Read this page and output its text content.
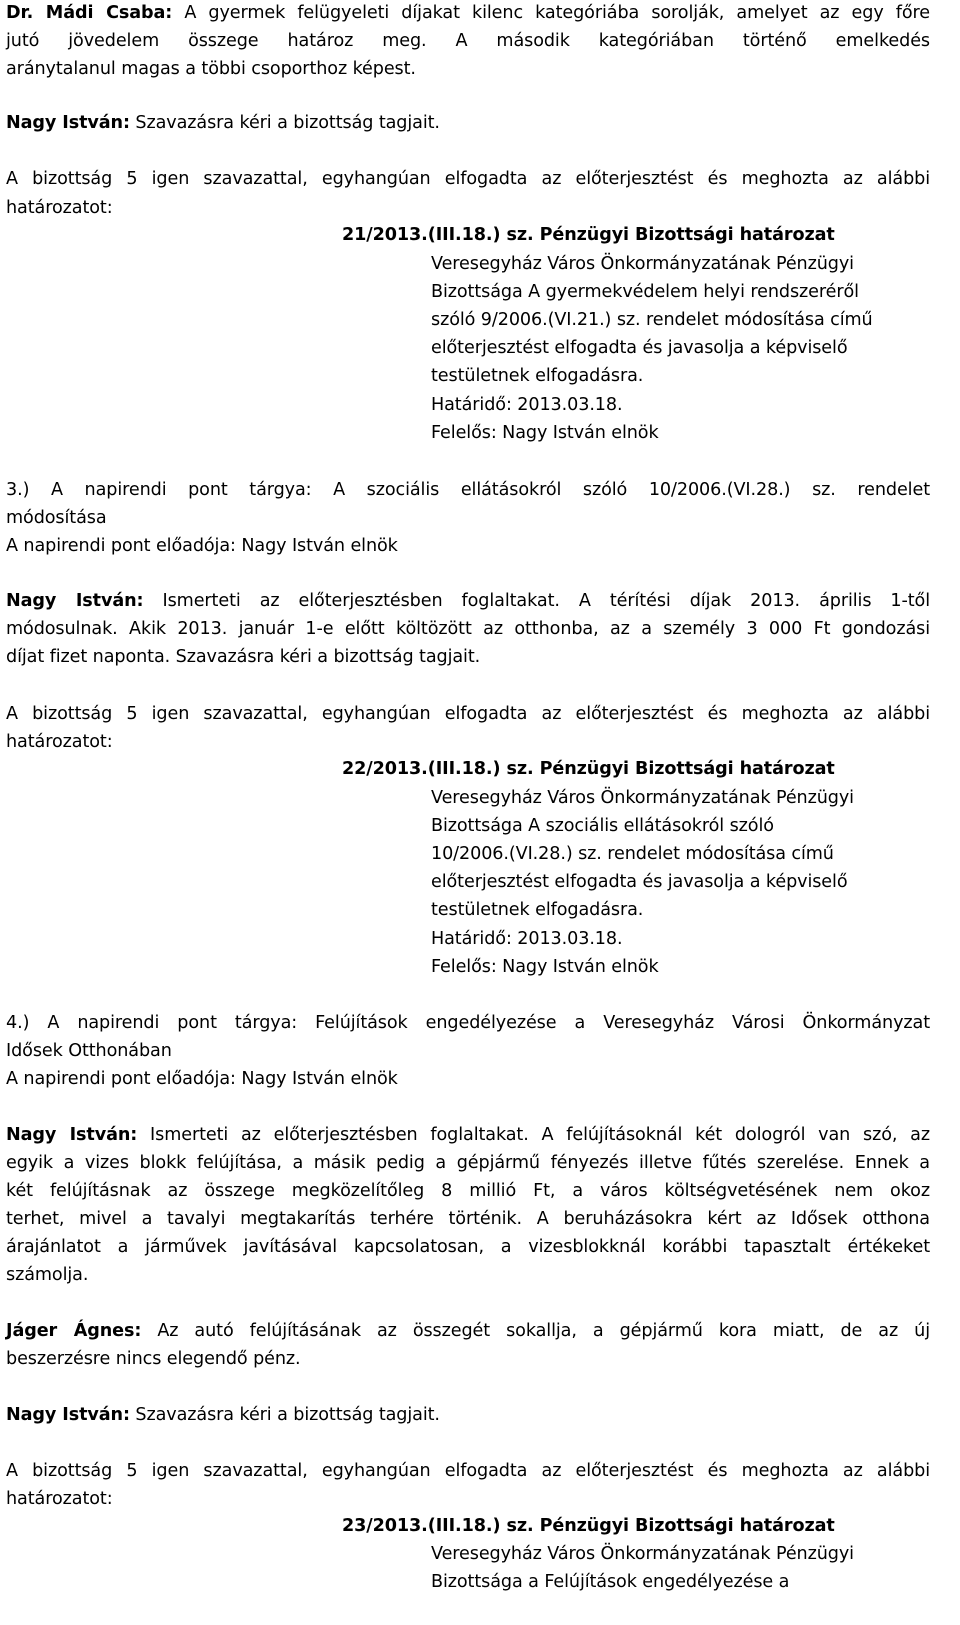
Dr. Mádi Csaba: A gyermek felügyeleti díjakat kilenc kategóriába sorolják, amelyet az egy főre
jutó jövedelem összege határoz meg. A második kategóriában történő emelkedés
aránytalanul magas a többi csoporthoz képest.
Nagy István: Szavazásra kéri a bizottság tagjait.
A bizottság 5 igen szavazattal, egyhangúan elfogadta az előterjesztést és meghozta az alábbi
határozatot:
21/2013.(III.18.) sz. Pénzügyi Bizottsági határozat
Veresegyház Város Önkormányzatának Pénzügyi
Bizottsága A gyermekvédelem helyi rendszeréről
szóló 9/2006.(VI.21.) sz. rendelet módosítása című
előterjesztést elfogadta és javasolja a képviselő
testületnek elfogadásra.
Határidő: 2013.03.18.
Felelős: Nagy István elnök
3.) A napirendi pont tárgya: A szociális ellátásokról szóló 10/2006.(VI.28.) sz. rendelet
módosítása
A napirendi pont előadója: Nagy István elnök
Nagy István: Ismerteti az előterjesztésben foglaltakat. A térítési díjak 2013. április 1-től
módosulnak. Akik 2013. január 1-e előtt költözött az otthonba, az a személy 3 000 Ft gondozási
díjat fizet naponta. Szavazásra kéri a bizottság tagjait.
A bizottság 5 igen szavazattal, egyhangúan elfogadta az előterjesztést és meghozta az alábbi
határozatot:
22/2013.(III.18.) sz. Pénzügyi Bizottsági határozat
Veresegyház Város Önkormányzatának Pénzügyi
Bizottsága A szociális ellátásokról szóló
10/2006.(VI.28.) sz. rendelet módosítása című
előterjesztést elfogadta és javasolja a képviselő
testületnek elfogadásra.
Határidő: 2013.03.18.
Felelős: Nagy István elnök
4.) A napirendi pont tárgya: Felújítások engedélyezése a Veresegyház Városi Önkormányzat
Idősek Otthonában
A napirendi pont előadója: Nagy István elnök
Nagy István: Ismerteti az előterjesztésben foglaltakat. A felújításoknál két dologról van szó, az
egyik a vizes blokk felújítása, a másik pedig a gépjármű fényezés illetve fűtés szerelése. Ennek a
két felújításnak az összege megközelítőleg 8 millió Ft, a város költségvetésének nem okoz
terhet, mivel a tavalyi megtakarítás terhére történik. A beruházásokra kért az Idősek otthona
árajánlatot a járművek javításával kapcsolatosan, a vizesblokknál korábbi tapasztalt értékeket
számolja.
Jáger Ágnes: Az autó felújításának az összegét sokallja, a gépjármű kora miatt, de az új
beszerzésre nincs elegendő pénz.
Nagy István: Szavazásra kéri a bizottság tagjait.
A bizottság 5 igen szavazattal, egyhangúan elfogadta az előterjesztést és meghozta az alábbi
határozatot:
23/2013.(III.18.) sz. Pénzügyi Bizottsági határozat
Veresegyház Város Önkormányzatának Pénzügyi
Bizottsága a Felújítások engedélyezése a
